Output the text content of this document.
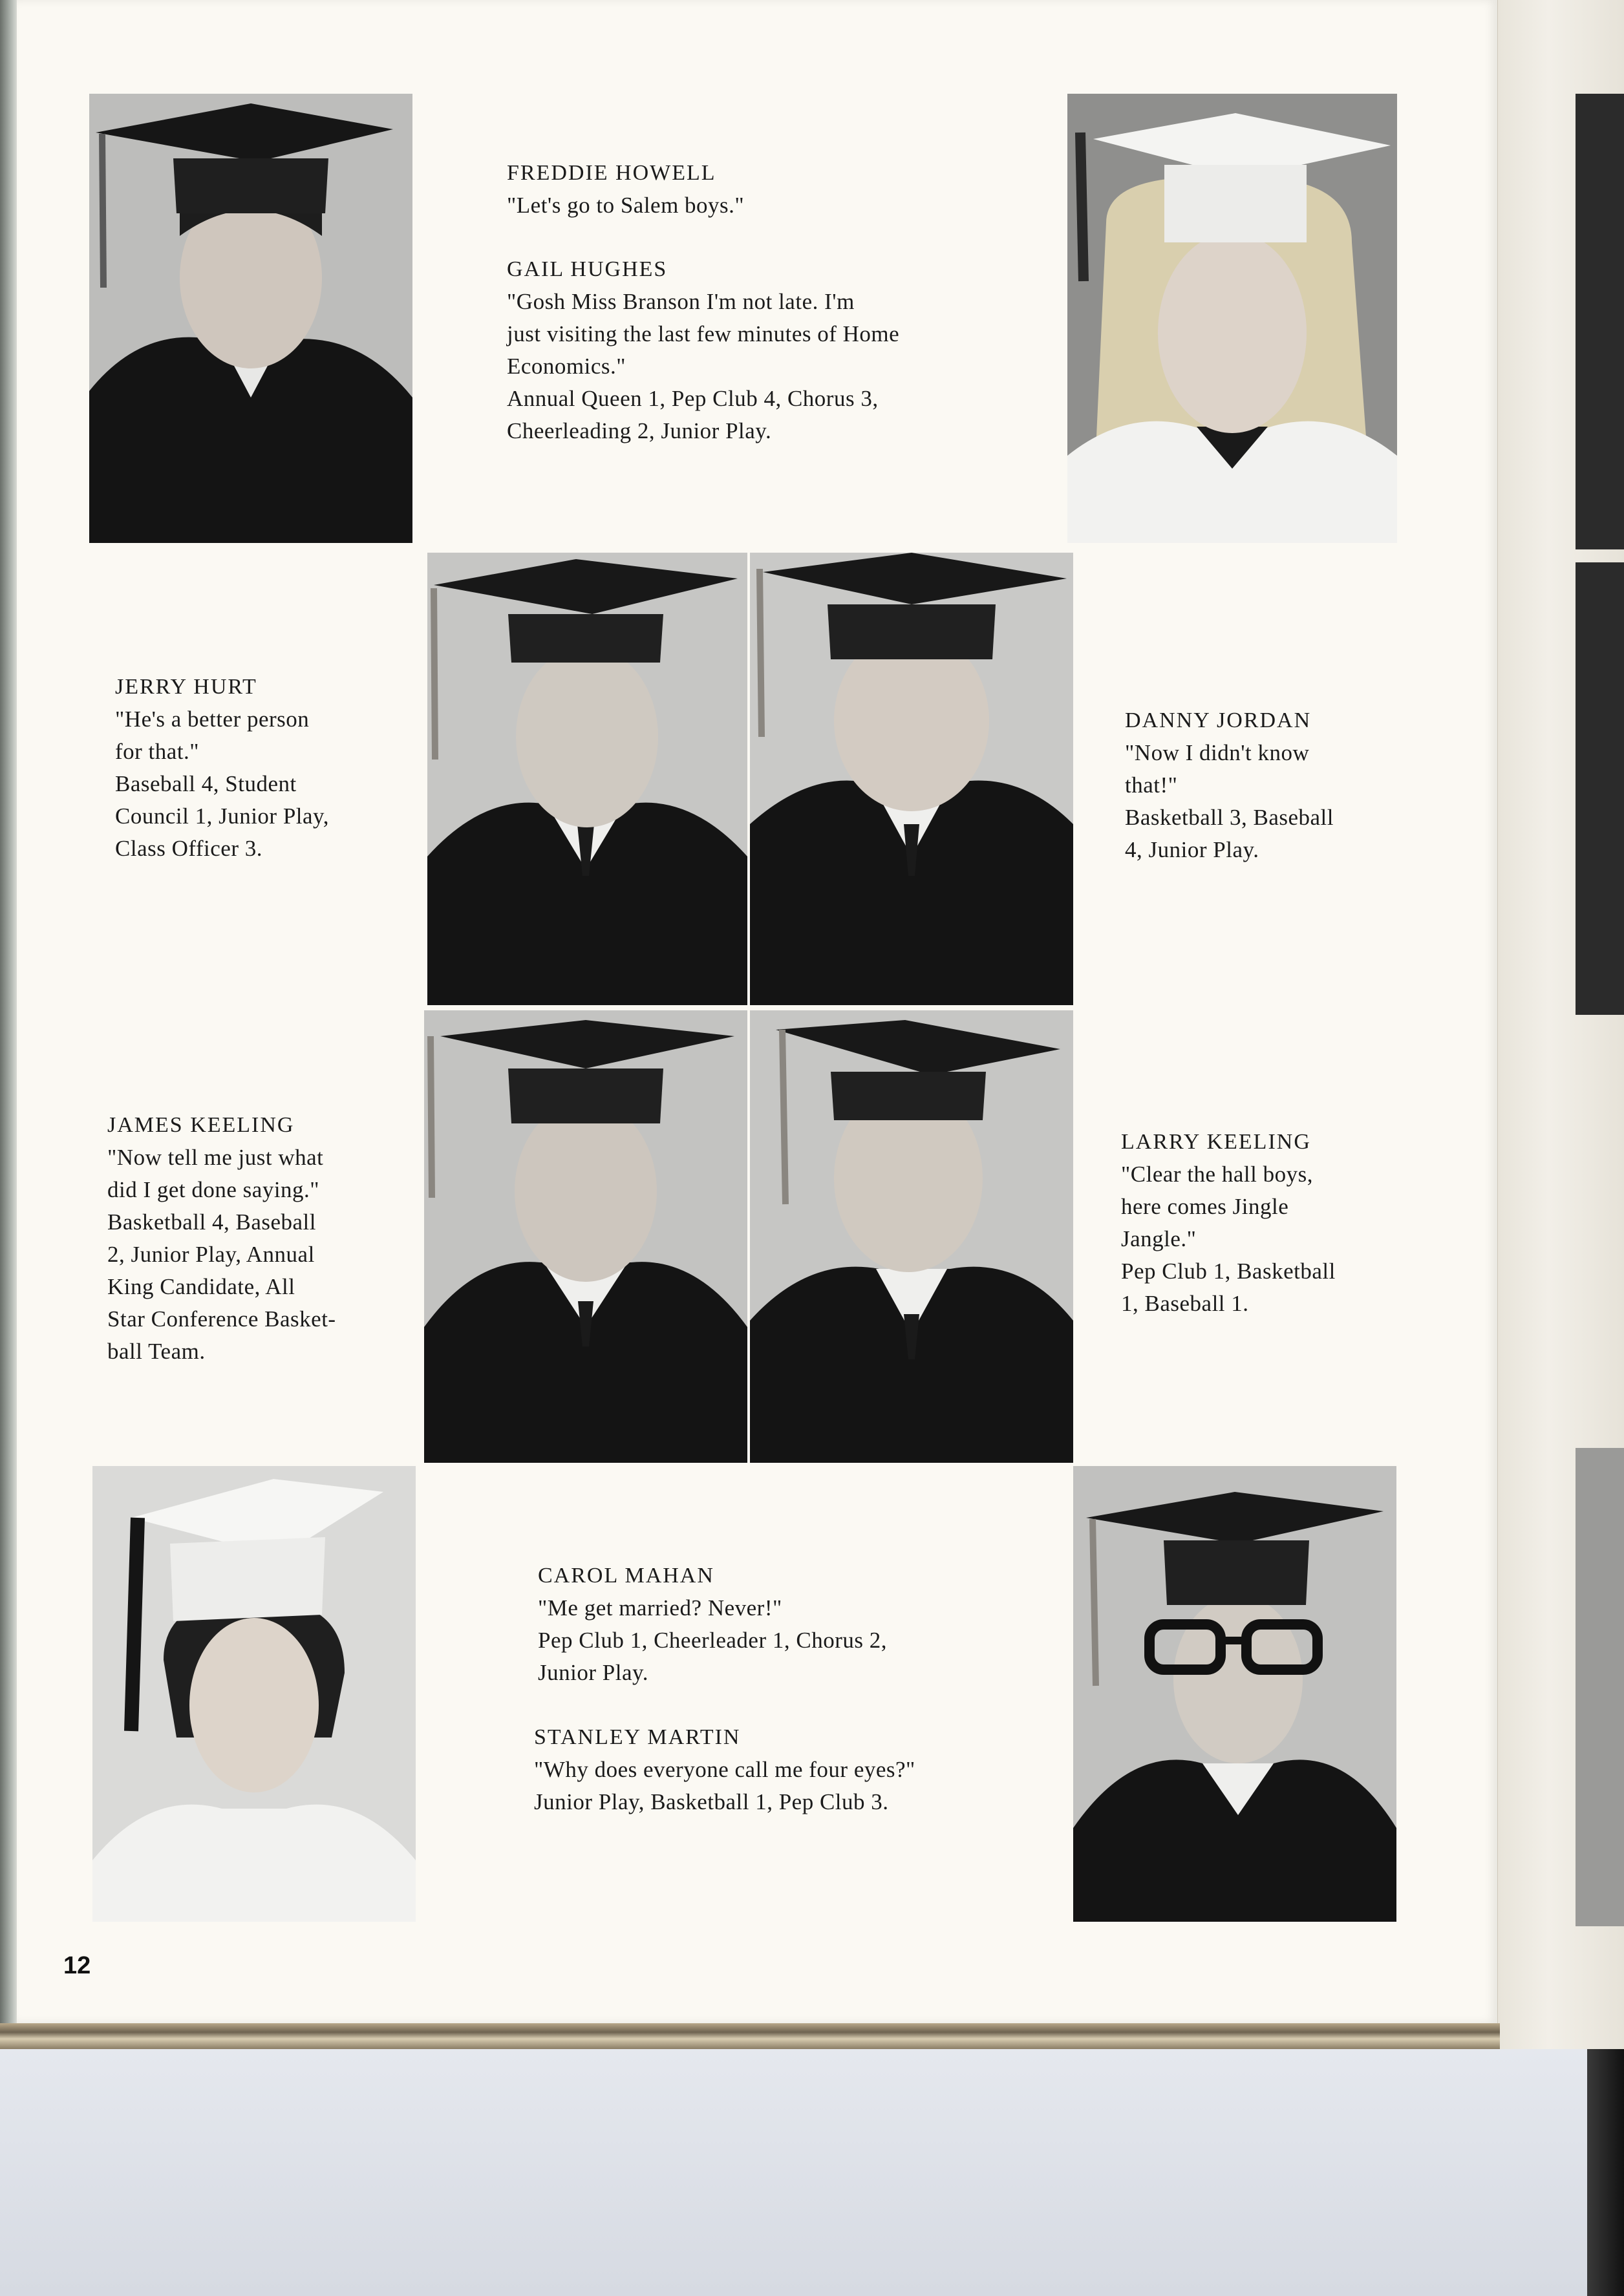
FREDDIE HOWELL
"Let's go to Salem boys."
GAIL HUGHES
"Gosh Miss Branson I'm not late. I'm
just visiting the last few minutes of Home
Economics."
Annual Queen 1, Pep Club 4, Chorus 3,
Cheerleading 2, Junior Play.
JERRY HURT
"He's a better person
for that."
Baseball 4, Student
Council 1, Junior Play,
Class Officer 3.
DANNY JORDAN
"Now I didn't know
that!"
Basketball 3, Baseball
4, Junior Play.
JAMES KEELING
"Now tell me just what
did I get done saying."
Basketball 4, Baseball
2, Junior Play, Annual
King Candidate, All
Star Conference Basket-
ball Team.
LARRY KEELING
"Clear the hall boys,
here comes Jingle
Jangle."
Pep Club 1, Basketball
1, Baseball 1.
CAROL MAHAN
"Me get married? Never!"
Pep Club 1, Cheerleader 1, Chorus 2,
Junior Play.
STANLEY MARTIN
"Why does everyone call me four eyes?"
Junior Play, Basketball 1, Pep Club 3.
12
